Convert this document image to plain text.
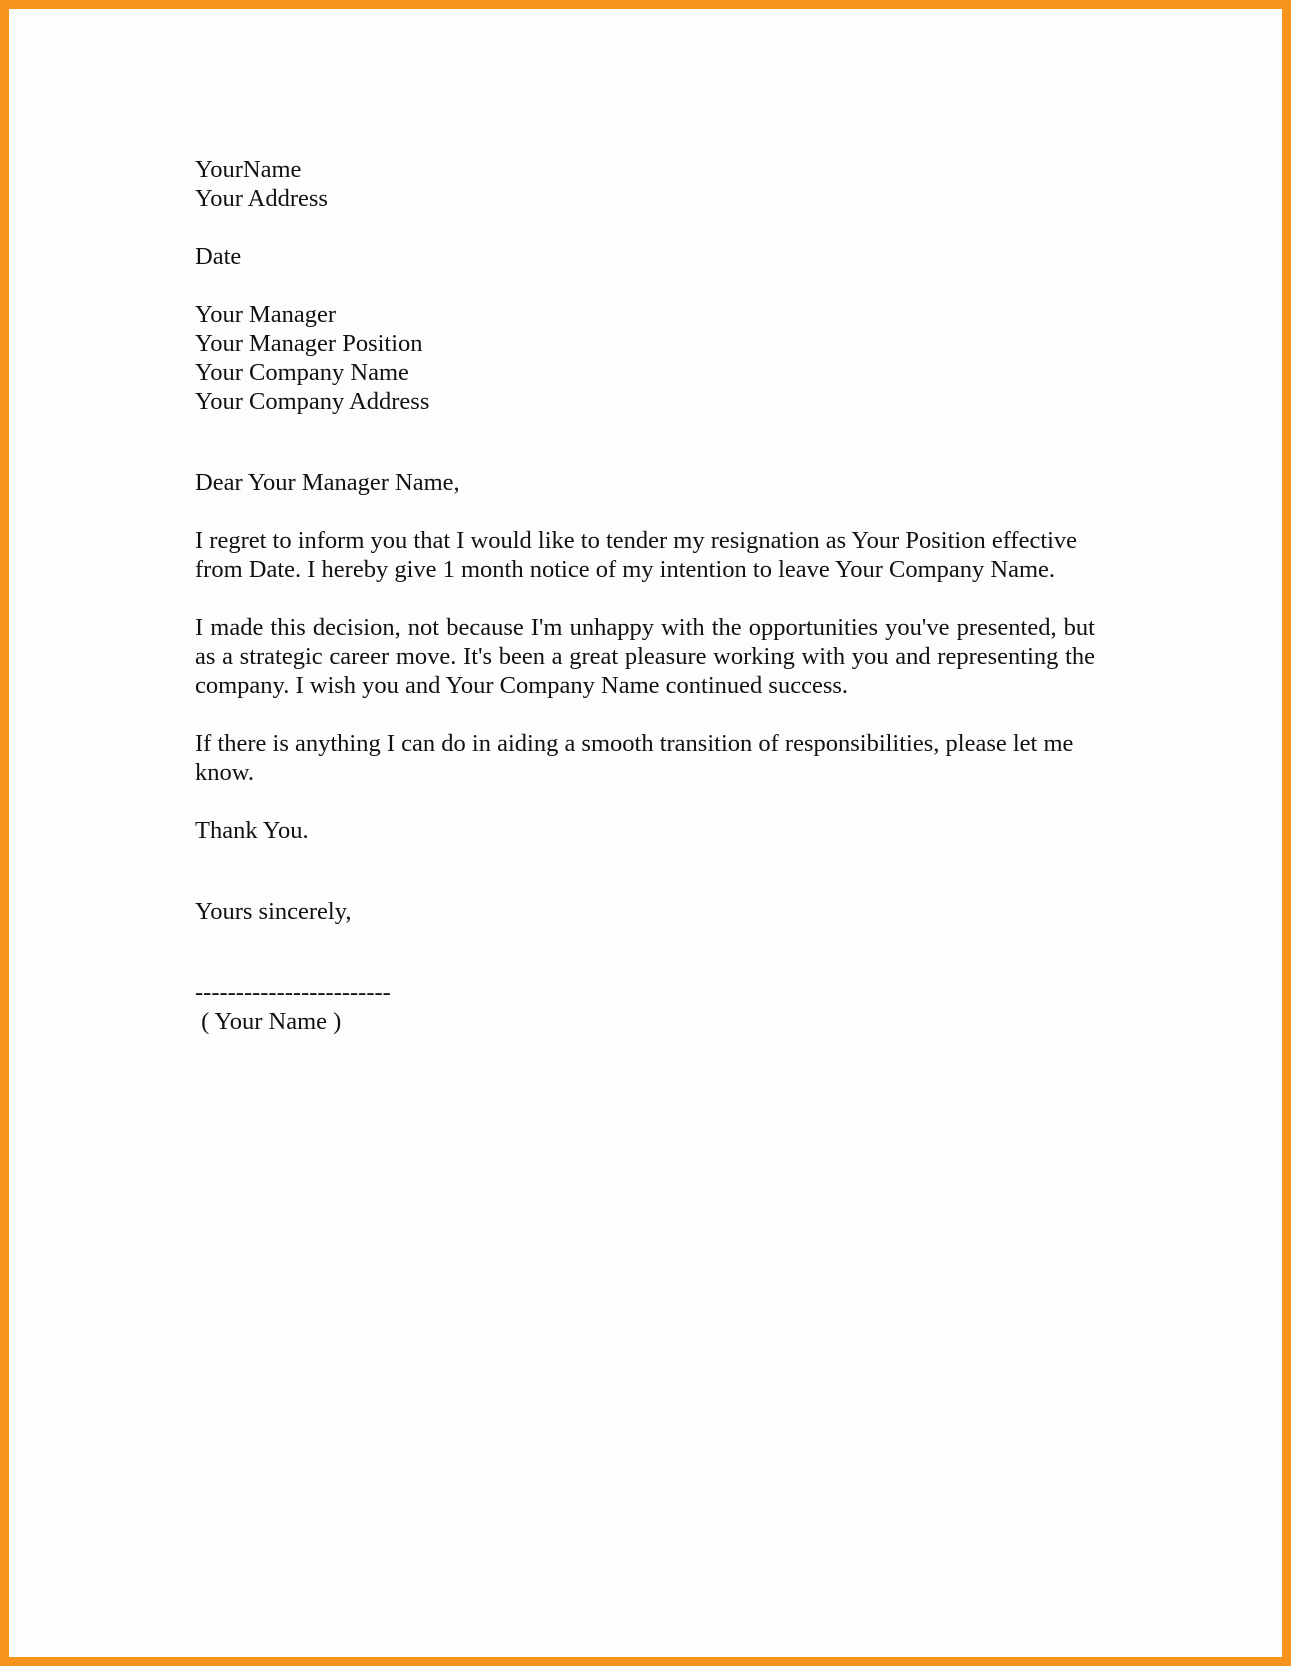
YourName
Your Address
Date
Your Manager
Your Manager Position
Your Company Name
Your Company Address
Dear Your Manager Name,
I regret to inform you that I would like to tender my resignation as Your Position effective from Date. I hereby give 1 month notice of my intention to leave Your Company Name.
I made this decision, not because I'm unhappy with the opportunities you've presented, but as a strategic career move. It's been a great pleasure working with you and representing the company. I wish you and Your Company Name continued success.
If there is anything I can do in aiding a smooth transition of responsibilities, please let me know.
Thank You.
Yours sincerely,
------------------------
( Your Name )
